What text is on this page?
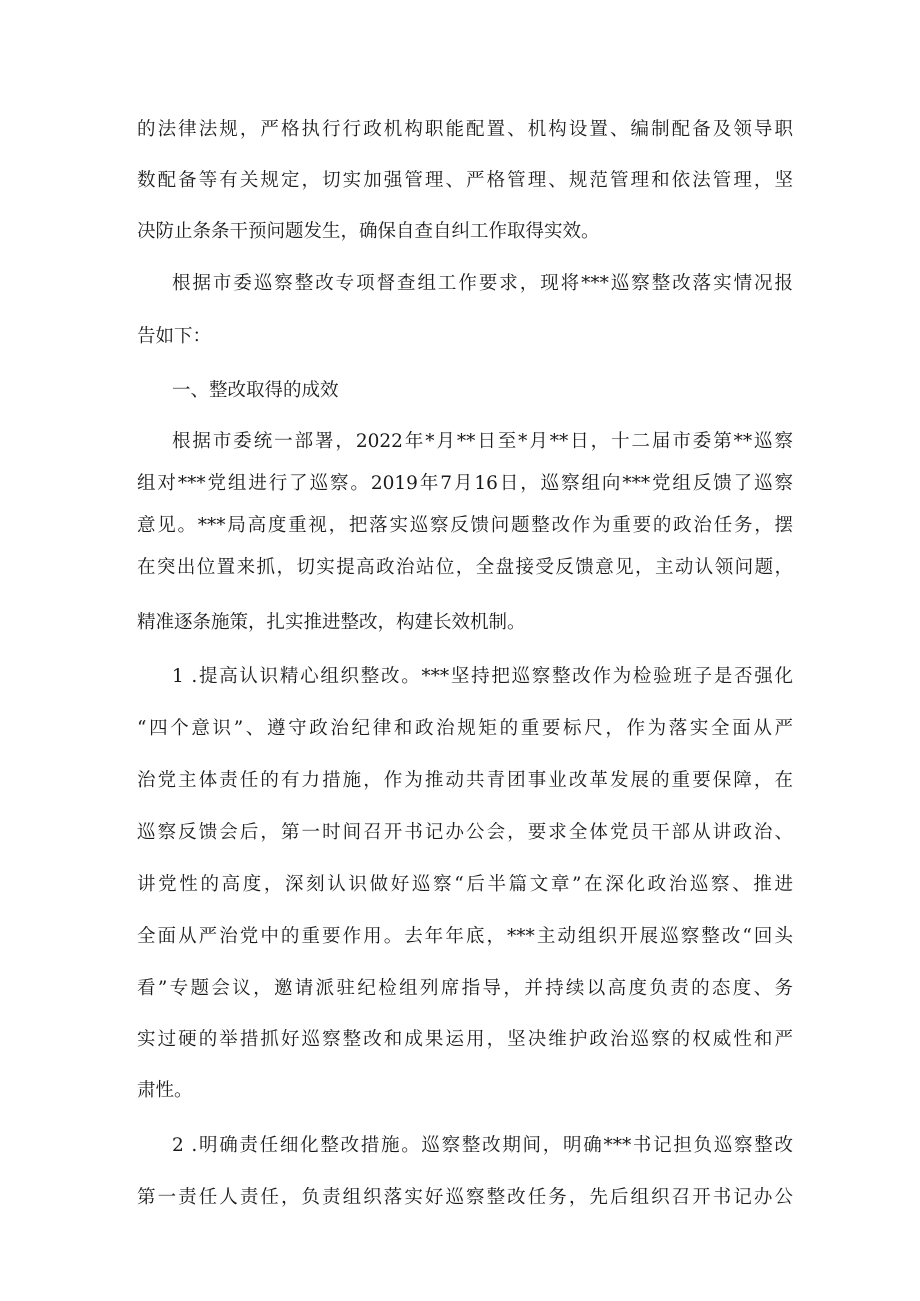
的法律法规，严格执行行政机构职能配置、机构设置、编制配备及领导职
数配备等有关规定，切实加强管理、严格管理、规范管理和依法管理，坚
决防止条条干预问题发生，确保自查自纠工作取得实效。
根据市委巡察整改专项督查组工作要求，现将***巡察整改落实情况报
告如下：
一、整改取得的成效
根据市委统一部署，2022年*月**日至*月**日，十二届市委第**巡察
组对***党组进行了巡察。2019年7月16日，巡察组向***党组反馈了巡察
意见。***局高度重视，把落实巡察反馈问题整改作为重要的政治任务，摆
在突出位置来抓，切实提高政治站位，全盘接受反馈意见，主动认领问题，
精准逐条施策，扎实推进整改，构建长效机制。
1 .提高认识精心组织整改。***坚持把巡察整改作为检验班子是否强化
“四个意识”、遵守政治纪律和政治规矩的重要标尺，作为落实全面从严
治党主体责任的有力措施，作为推动共青团事业改革发展的重要保障，在
巡察反馈会后，第一时间召开书记办公会，要求全体党员干部从讲政治、
讲党性的高度，深刻认识做好巡察“后半篇文章”在深化政治巡察、推进
全面从严治党中的重要作用。去年年底，***主动组织开展巡察整改“回头
看”专题会议，邀请派驻纪检组列席指导，并持续以高度负责的态度、务
实过硬的举措抓好巡察整改和成果运用，坚决维护政治巡察的权威性和严
肃性。
2 .明确责任细化整改措施。巡察整改期间，明确***书记担负巡察整改
第一责任人责任，负责组织落实好巡察整改任务，先后组织召开书记办公
